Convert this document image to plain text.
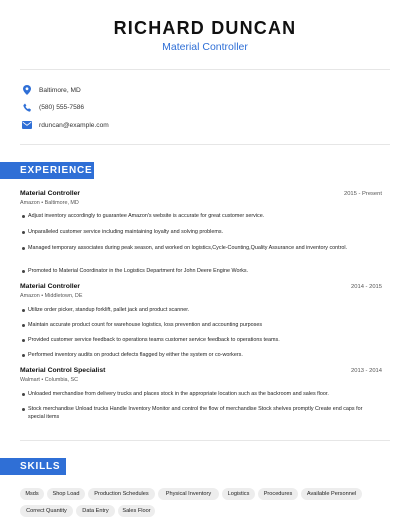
RICHARD DUNCAN
Material Controller
Baltimore, MD
(580) 555-7586
rduncan@example.com
EXPERIENCE
Material Controller	2015 - Present
Amazon • Baltimore, MD
Adjust inventory accordingly to guarantee Amazon's website is accurate for great customer service.
Unparalleled customer service including maintaining loyalty and solving problems.
Managed temporary associates during peak season, and worked on logistics,Cycle-Counting,Quality Assurance and inventory control.
Promoted to Material Coordinator in the Logistics Department for John Deere Engine Works.
Material Controller	2014 - 2015
Amazon • Middletown, DE
Utilize order picker, standup forklift, pallet jack and product scanner.
Maintain accurate product count for warehouse logistics, loss prevention and accounting purposes
Provided customer service feedback to operations teams customer service feedback to operations teams.
Performed inventory audits on product defects flagged by either the system or co-workers.
Material Control Specialist	2013 - 2014
Walmart • Columbia, SC
Unloaded merchandise from delivery trucks and places stock in the appropriate location such as the backroom and sales floor.
Stock merchandise Unload trucks Handle Inventory Monitor and control the flow of merchandise Stock shelves promptly Create end caps for special items
SKILLS
Msds	Shop Load	Production Schedules	Physical Inventory	Logistics	Procedures	Available Personnel
Correct Quantity	Data Entry	Sales Floor
